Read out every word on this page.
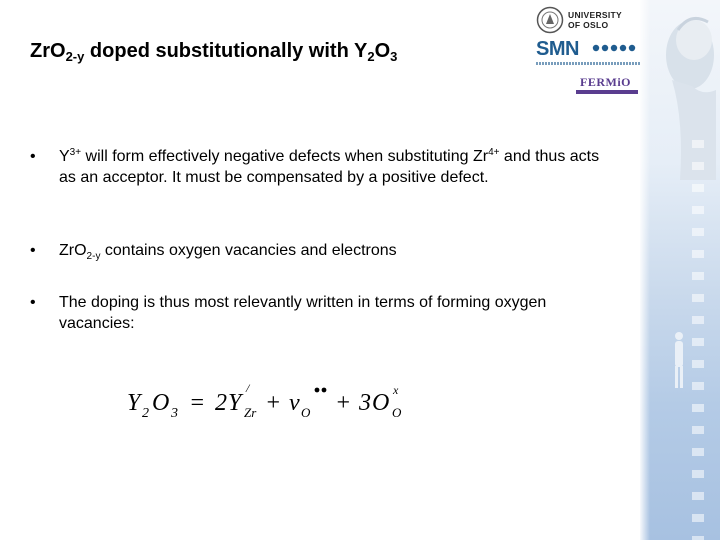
ZrO$_{2-y}$ doped substitutionally with $Y_2O_3$
UNIVERSITY
OF OSLO
SMN
FERMiO
• $Y^{3+}$ will form effectively negative defects when substituting $Zr^{4+}$ and thus acts as an acceptor. It must be compensated by a positive defect.
• ZrO$_{2-y}$ contains oxygen vacancies and electrons
• The doping is thus most relevantly written in terms of forming oxygen vacancies:
Y 2 O 3 = 2 Y
/
Zr + v O + 3 O x
O
